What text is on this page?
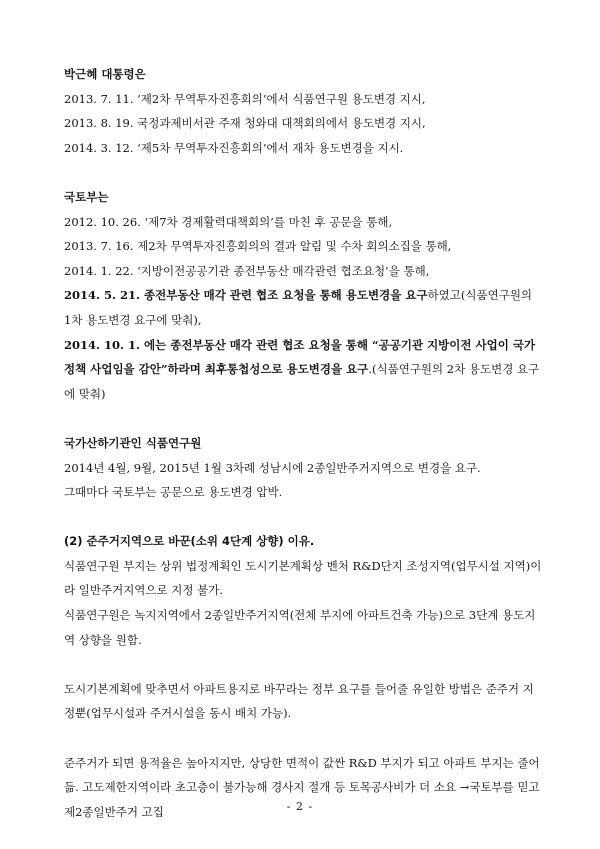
박근혜 대통령은
2013. 7. 11. ‘제2차 무역투자진흥회의’에서 식품연구원 용도변경 지시,
2013. 8. 19. 국정과제비서관 주재 청와대 대책회의에서 용도변경 지시,
2014. 3. 12. ‘제5차 무역투자진흥회의’에서 재차 용도변경을 지시.
국토부는
2012. 10. 26. ‘제7차 경제활력대책회의’를 마친 후 공문을 통해,
2013. 7. 16. 제2차 무역투자진흥회의의 결과 알림 및 수차 회의소집을 통해,
2014. 1. 22. ‘지방이전공공기관 종전부동산 매각관련 협조요청’을 통해,
2014. 5. 21. 종전부동산 매각 관련 협조 요청을 통해 용도변경을 요구하였고(식품연구원의 1차 용도변경 요구에 맞춰),
2014. 10. 1. 에는 종전부동산 매각 관련 협조 요청을 통해 “공공기관 지방이전 사업이 국가정책 사업임을 감안”하라며 최후통첩성으로 용도변경을 요구.(식품연구원의 2차 용도변경 요구에 맞춰)
국가산하기관인 식품연구원
2014년 4월, 9월, 2015년 1월 3차례 성남시에 2종일반주거지역으로 변경을 요구.
그때마다 국토부는 공문으로 용도변경 압박.
(2) 준주거지역으로 바꾼(소위 4단계 상향) 이유.
식품연구원 부지는 상위 법정계획인 도시기본계획상 벤처 R&D단지 조성지역(업무시설 지역)이라 일반주거지역으로 지정 불가.
식품연구원은 녹지지역에서 2종일반주거지역(전체 부지에 아파트건축 가능)으로 3단계 용도지역 상향을 원함.
도시기본계획에 맞추면서 아파트용지로 바꾸라는 정부 요구를 들어줄 유일한 방법은 준주거 지정뿐(업무시설과 주거시설을 동시 배치 가능).
준주거가 되면 용적율은 높아지지만, 상당한 면적이 값싼 R&D 부지가 되고 아파트 부지는 줄어듦. 고도제한지역이라 초고층이 불가능해 경사지 절개 등 토목공사비가 더 소요 →국토부를 믿고 제2종일반주거 고집	- 2 -
